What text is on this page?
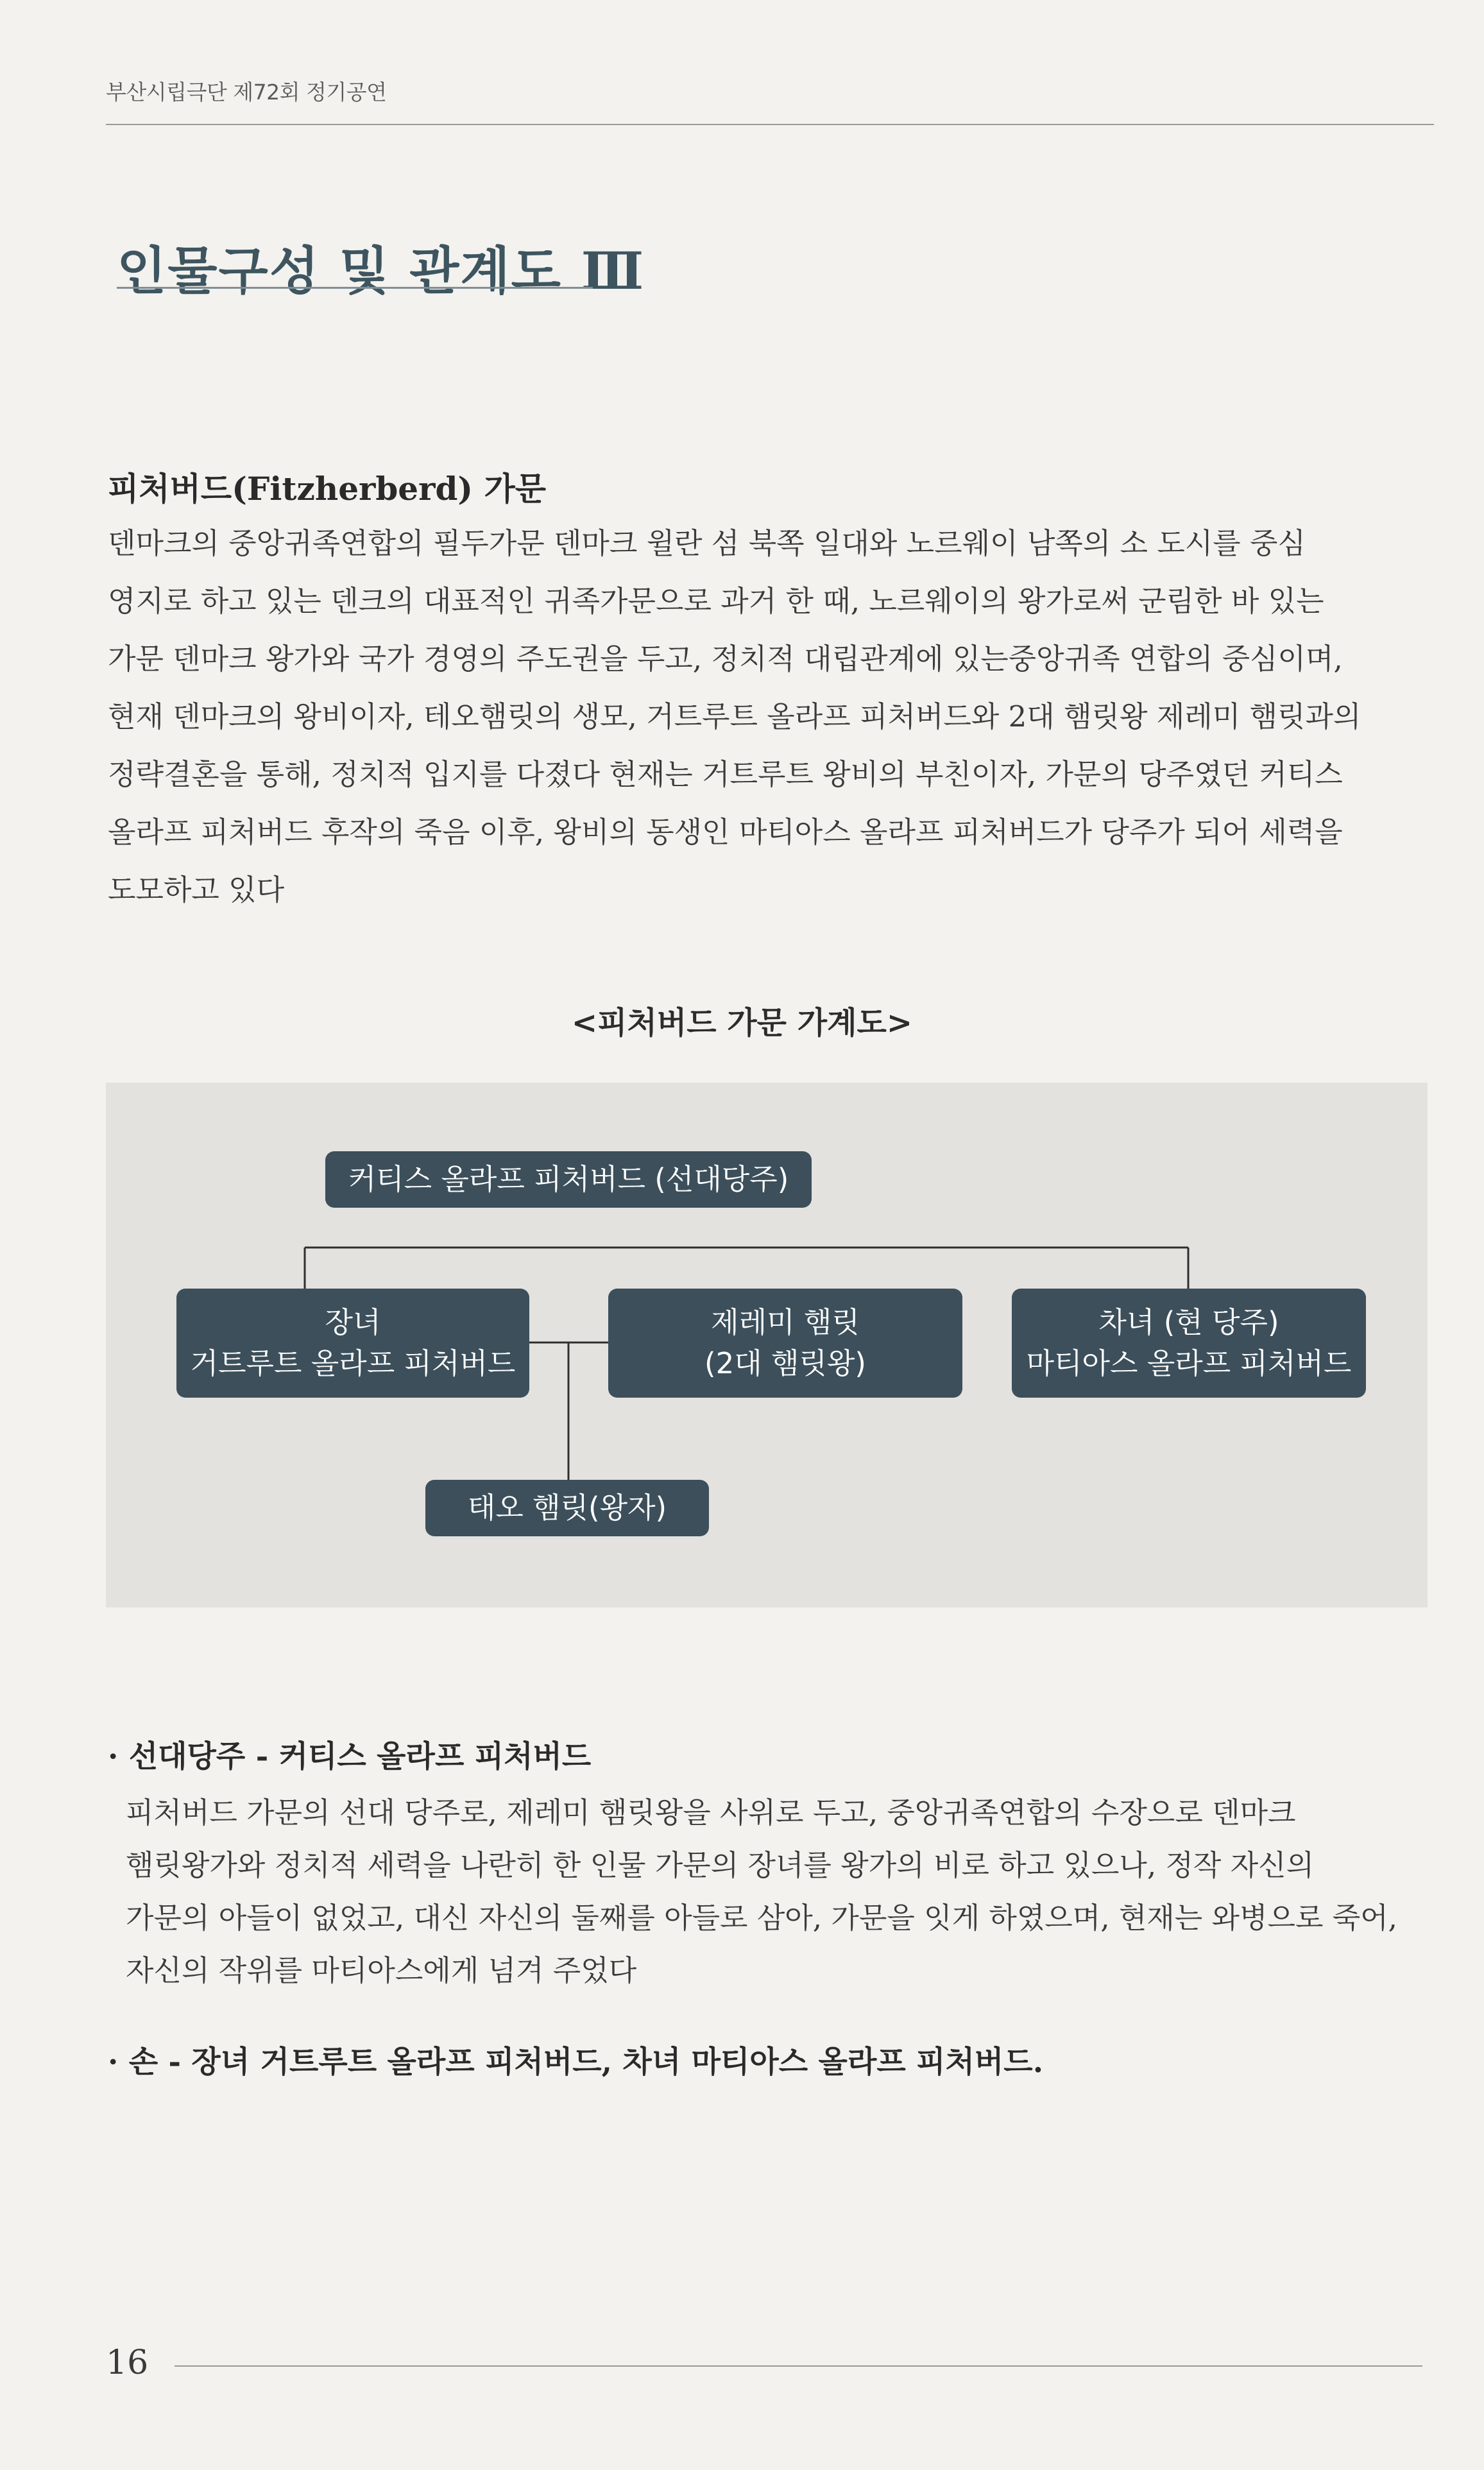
부산시립극단 제72회 정기공연
인물구성 및 관계도 Ⅲ
피처버드(Fitzherberd) 가문

덴마크의 중앙귀족연합의 필두가문 덴마크 윌란 섬 북쪽 일대와 노르웨이 남쪽의 소 도시를 중심
영지로 하고 있는 덴크의 대표적인 귀족가문으로 과거 한 때, 노르웨이의 왕가로써 군림한 바 있는
가문 덴마크 왕가와 국가 경영의 주도권을 두고, 정치적 대립관계에 있는중앙귀족 연합의 중심이며,
현재 덴마크의 왕비이자, 테오햄릿의 생모, 거트루트 올라프 피처버드와 2대 햄릿왕 제레미 햄릿과의
정략결혼을 통해, 정치적 입지를 다졌다 현재는 거트루트 왕비의 부친이자, 가문의 당주였던 커티스
올라프 피처버드 후작의 죽음 이후, 왕비의 동생인 마티아스 올라프 피처버드가 당주가 되어 세력을
도모하고 있다

<피처버드 가문 가계도>
커티스 올라프 피처버드 (선대당주)
장녀
거트루트 올라프 피처버드
제레미 햄릿
(2대 햄릿왕)
차녀 (현 당주)
마티아스 올라프 피처버드
태오 햄릿(왕자)
· 선대당주 - 커티스 올라프 피처버드

피처버드 가문의 선대 당주로, 제레미 햄릿왕을 사위로 두고, 중앙귀족연합의 수장으로 덴마크
햄릿왕가와 정치적 세력을 나란히 한 인물 가문의 장녀를 왕가의 비로 하고 있으나, 정작 자신의
가문의 아들이 없었고, 대신 자신의 둘째를 아들로 삼아, 가문을 잇게 하였으며, 현재는 와병으로 죽어,
자신의 작위를 마티아스에게 넘겨 주었다

· 손 - 장녀 거트루트 올라프 피처버드, 차녀 마티아스 올라프 피처버드.
16
